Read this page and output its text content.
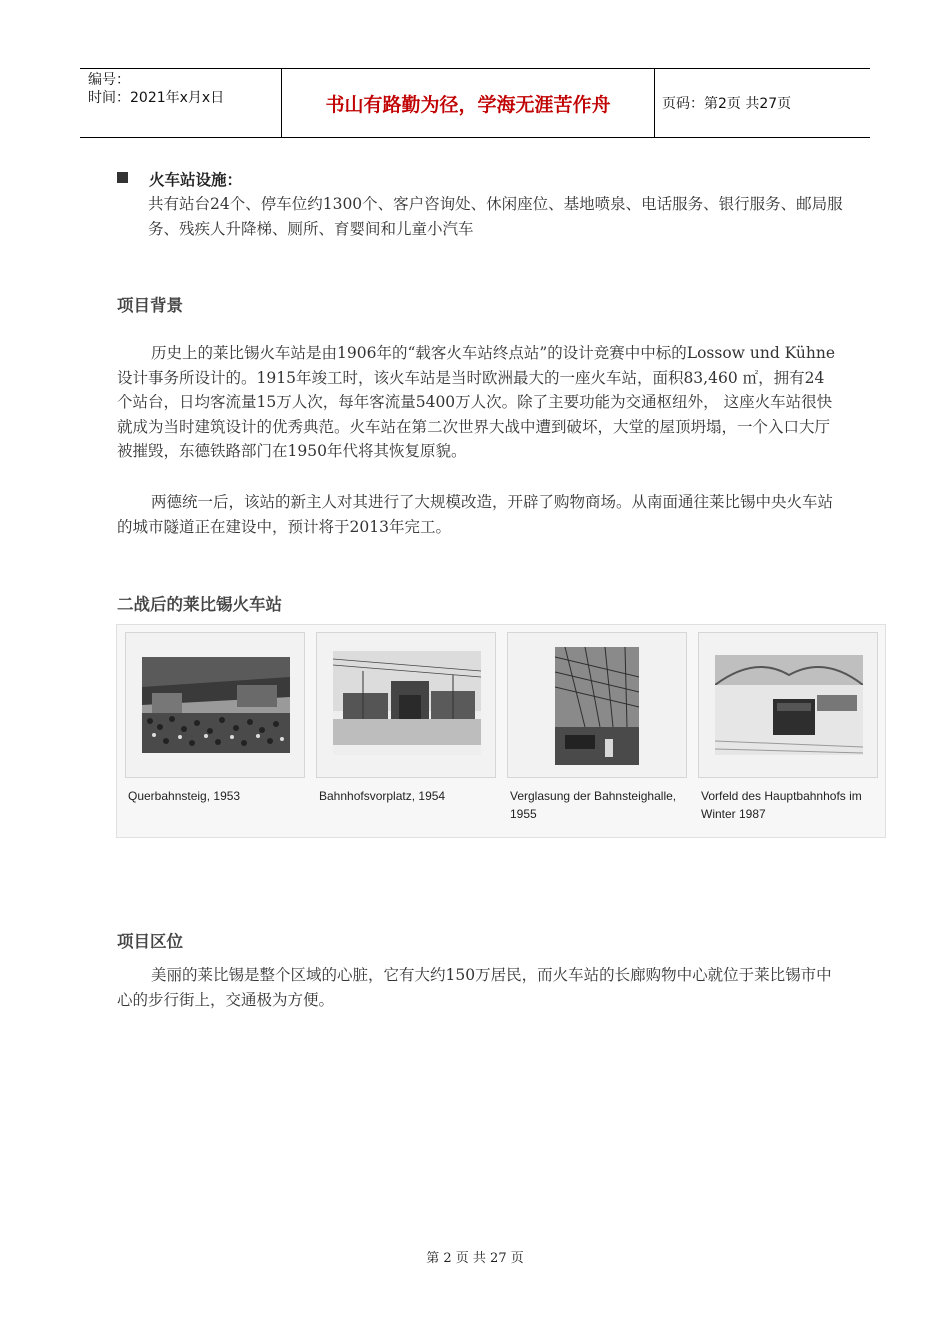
编号：
时间：2021年x月x日	书山有路勤为径，学海无涯苦作舟	页码：第2页 共27页
火车站设施：
共有站台24个、停车位约1300个、客户咨询处、休闲座位、基地喷泉、电话服务、银行服务、邮局服务、残疾人升降梯、厕所、育婴间和儿童小汽车
项目背景
历史上的莱比锡火车站是由1906年的“载客火车站终点站”的设计竞赛中中标的Lossow und Kühne设计事务所设计的。1915年竣工时，该火车站是当时欧洲最大的一座火车站，面积83,460 ㎡，拥有24个站台，日均客流量15万人次，每年客流量5400万人次。除了主要功能为交通枢纽外， 这座火车站很快就成为当时建筑设计的优秀典范。火车站在第二次世界大战中遭到破坏，大堂的屋顶坍塌，一个入口大厅被摧毁，东德铁路部门在1950年代将其恢复原貌。
两德统一后，该站的新主人对其进行了大规模改造，开辟了购物商场。从南面通往莱比锡中央火车站的城市隧道正在建设中，预计将于2013年完工。
二战后的莱比锡火车站
Querbahnsteig, 1953	Bahnhofsvorplatz, 1954	Verglasung der Bahnsteighalle, 1955
Vorfeld des Hauptbahnhofs im Winter 1987
项目区位
美丽的莱比锡是整个区域的心脏，它有大约150万居民，而火车站的长廊购物中心就位于莱比锡市中心的步行街上，交通极为方便。
第 2 页 共 27 页
